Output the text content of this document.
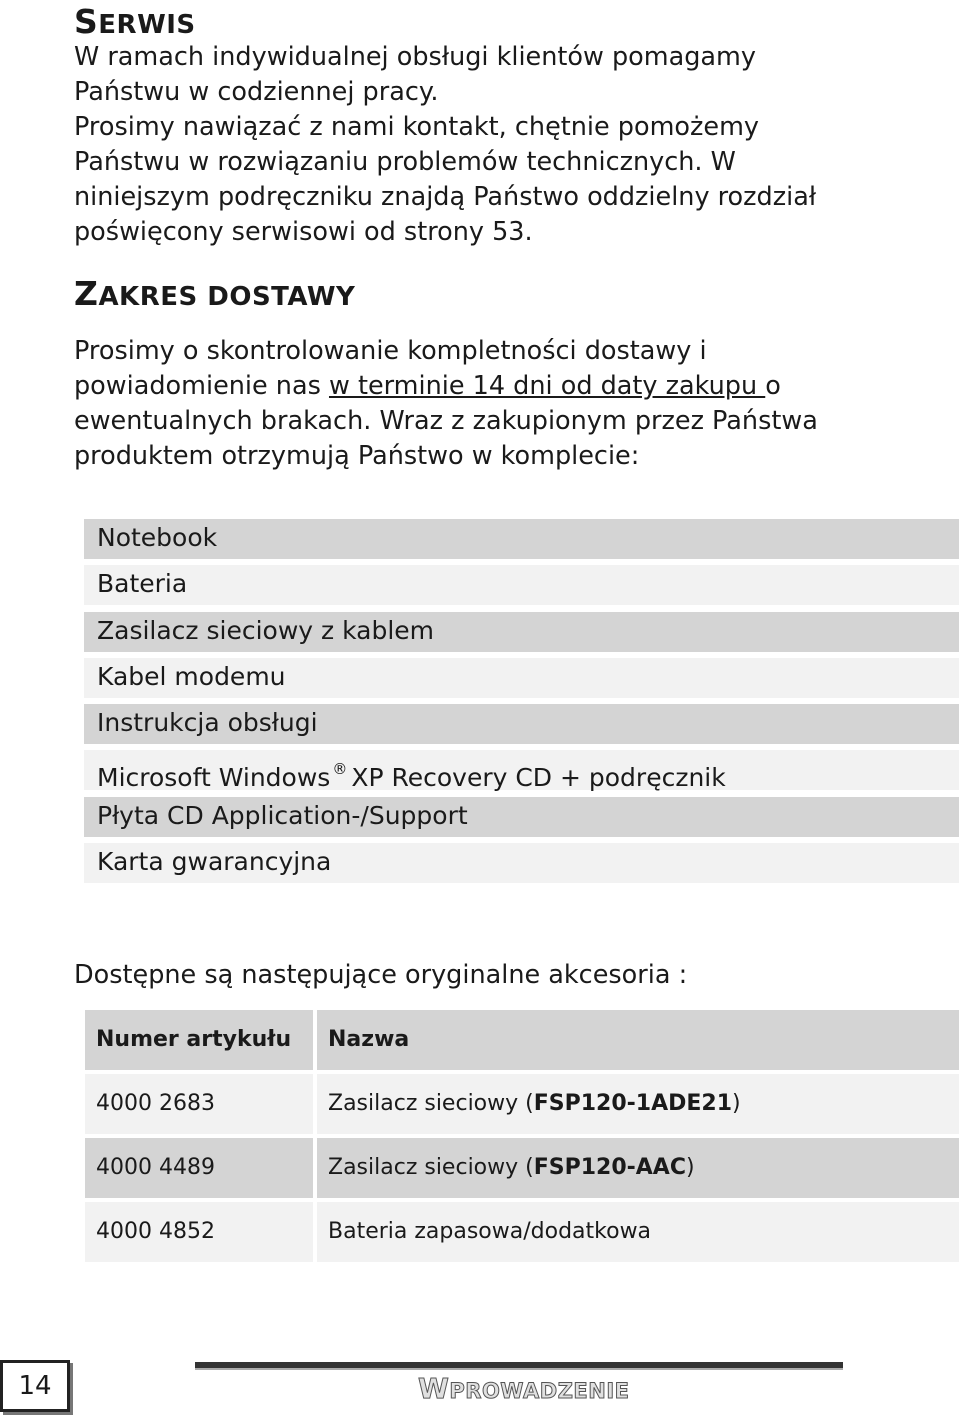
SERWIS
W ramach indywidualnej obsługi klientów pomagamy
Państwu w codziennej pracy.
Prosimy nawiązać z nami kontakt, chętnie pomożemy
Państwu w rozwiązaniu problemów technicznych. W
niniejszym podręczniku znajdą Państwo oddzielny rozdział
poświęcony serwisowi od strony 53.
ZAKRES DOSTAWY
Prosimy o skontrolowanie kompletności dostawy i
powiadomienie nas w terminie 14 dni od daty zakupu o
ewentualnych brakach. Wraz z zakupionym przez Państwa
produktem otrzymują Państwo w komplecie:
Notebook
Bateria
Zasilacz sieciowy z kablem
Kabel modemu
Instrukcja obsługi
Microsoft Windows ® XP Recovery CD + podręcznik
Płyta CD Application-/Support
Karta gwarancyjna
Dostępne są następujące oryginalne akcesoria :
Numer artykułu	Nazwa
4000 2683	Zasilacz sieciowy (FSP120-1ADE21)
4000 4489	Zasilacz sieciowy (FSP120-AAC)
4000 4852	Bateria zapasowa/dodatkowa
14	WPROWADZENIE
